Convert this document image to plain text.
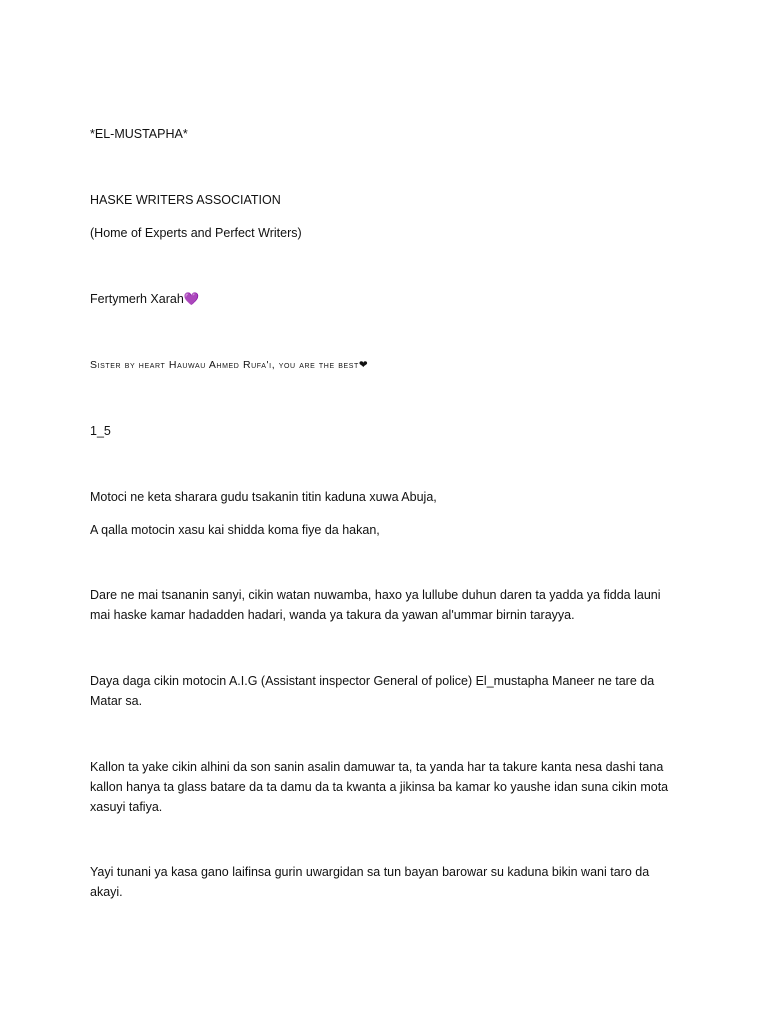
*EL-MUSTAPHA*

HASKE WRITERS ASSOCIATION

(Home of Experts and Perfect Writers)

Fertymerh Xarah💜

Sister by heart Hauwau Ahmed Rufa'i, you are the best❤

1_5

Motoci ne keta sharara gudu tsakanin titin kaduna xuwa Abuja,

A qalla motocin xasu kai shidda koma fiye da hakan,

Dare ne mai tsananin sanyi, cikin watan nuwamba, haxo ya lullube duhun daren ta yadda ya fidda launi mai haske kamar hadadden hadari, wanda ya takura da yawan al'ummar birnin tarayya.

Daya daga cikin motocin A.I.G (Assistant inspector General of police) El_mustapha Maneer ne tare da Matar sa.

Kallon ta yake cikin alhini da son sanin asalin damuwar ta, ta yanda har ta takure kanta nesa dashi tana kallon hanya ta glass batare da ta damu da ta kwanta a jikinsa ba kamar ko yaushe idan suna cikin mota xasuyi tafiya.

Yayi tunani ya kasa gano laifinsa gurin uwargidan sa tun bayan barowar su kaduna bikin wani taro da akayi.
